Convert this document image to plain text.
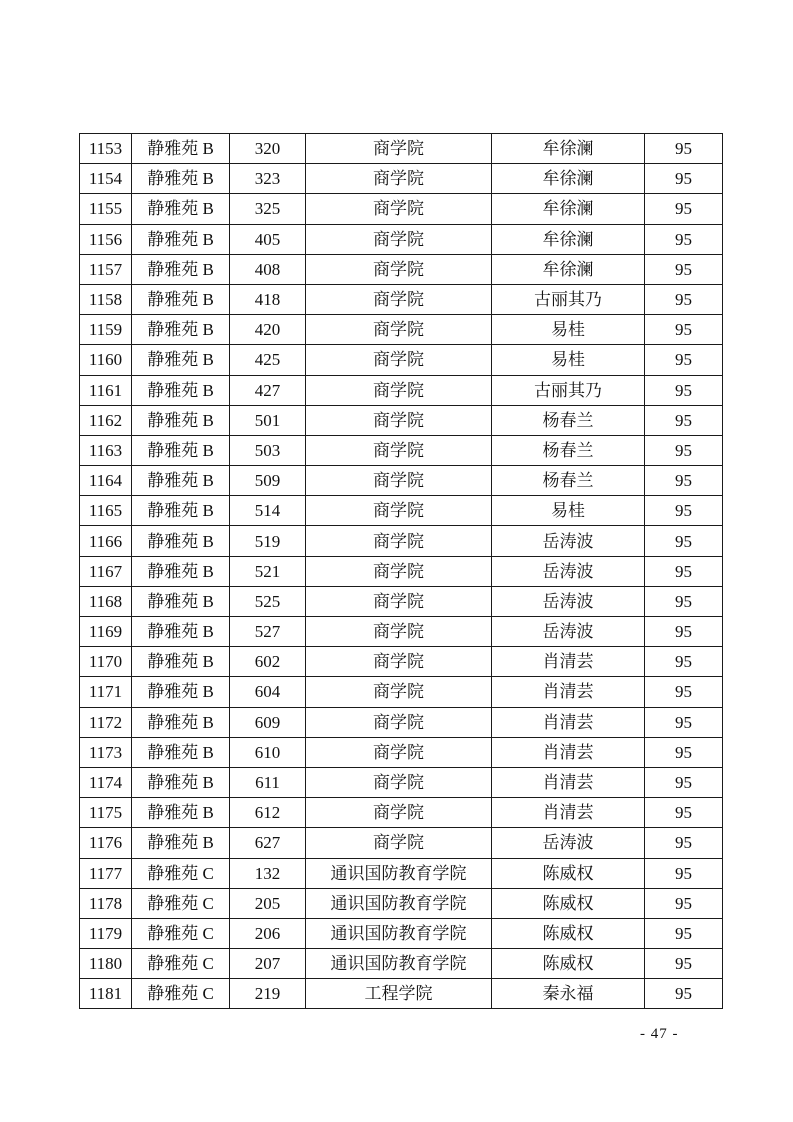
1153	静雅苑 B	320	商学院	牟徐澜	95
1154	静雅苑 B	323	商学院	牟徐澜	95
1155	静雅苑 B	325	商学院	牟徐澜	95
1156	静雅苑 B	405	商学院	牟徐澜	95
1157	静雅苑 B	408	商学院	牟徐澜	95
1158	静雅苑 B	418	商学院	古丽其乃	95
1159	静雅苑 B	420	商学院	易桂	95
1160	静雅苑 B	425	商学院	易桂	95
1161	静雅苑 B	427	商学院	古丽其乃	95
1162	静雅苑 B	501	商学院	杨春兰	95
1163	静雅苑 B	503	商学院	杨春兰	95
1164	静雅苑 B	509	商学院	杨春兰	95
1165	静雅苑 B	514	商学院	易桂	95
1166	静雅苑 B	519	商学院	岳涛波	95
1167	静雅苑 B	521	商学院	岳涛波	95
1168	静雅苑 B	525	商学院	岳涛波	95
1169	静雅苑 B	527	商学院	岳涛波	95
1170	静雅苑 B	602	商学院	肖清芸	95
1171	静雅苑 B	604	商学院	肖清芸	95
1172	静雅苑 B	609	商学院	肖清芸	95
1173	静雅苑 B	610	商学院	肖清芸	95
1174	静雅苑 B	611	商学院	肖清芸	95
1175	静雅苑 B	612	商学院	肖清芸	95
1176	静雅苑 B	627	商学院	岳涛波	95
1177	静雅苑 C	132	通识国防教育学院	陈威权	95
1178	静雅苑 C	205	通识国防教育学院	陈威权	95
1179	静雅苑 C	206	通识国防教育学院	陈威权	95
1180	静雅苑 C	207	通识国防教育学院	陈威权	95
1181	静雅苑 C	219	工程学院	秦永福	95
- 47 -
